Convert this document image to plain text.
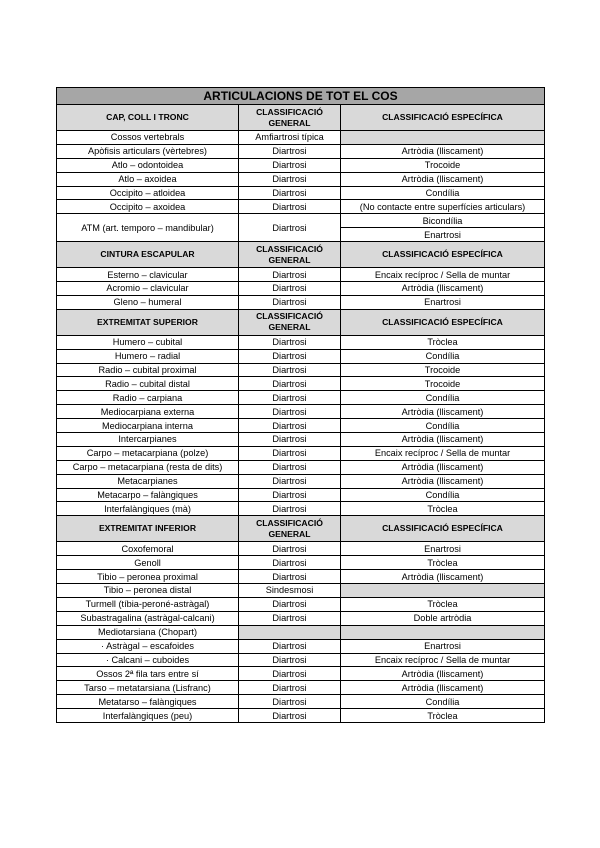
ARTICULACIONS DE TOT EL COS		
CAP, COLL I TRONC	CLASSIFICACIÓ GENERAL	CLASSIFICACIÓ ESPECÍFICA
Cossos vertebrals	Amfiartrosi típica	
Apòfisis articulars (vèrtebres)	Diartrosi	Artròdia (lliscament)
Atlo – odontoidea	Diartrosi	Trocoide
Atlo – axoidea	Diartrosi	Artròdia (lliscament)
Occipito – atloidea	Diartrosi	Condília
Occipito – axoidea	Diartrosi	(No contacte entre superfícies articulars)
ATM (art. temporo – mandibular)	Diartrosi	Bicondília
		Enartrosi
CINTURA ESCAPULAR	CLASSIFICACIÓ GENERAL	CLASSIFICACIÓ ESPECÍFICA
Esterno – clavicular	Diartrosi	Encaix recíproc / Sella de muntar
Acromio – clavicular	Diartrosi	Artròdia (lliscament)
Gleno – humeral	Diartrosi	Enartrosi
EXTREMITAT SUPERIOR	CLASSIFICACIÓ GENERAL	CLASSIFICACIÓ ESPECÍFICA
Humero – cubital	Diartrosi	Tròclea
Humero – radial	Diartrosi	Condília
Radio – cubital proximal	Diartrosi	Trocoide
Radio – cubital distal	Diartrosi	Trocoide
Radio – carpiana	Diartrosi	Condília
Mediocarpiana externa	Diartrosi	Artròdia (lliscament)
Mediocarpiana interna	Diartrosi	Condília
Intercarpianes	Diartrosi	Artròdia (lliscament)
Carpo – metacarpiana (polze)	Diartrosi	Encaix recíproc / Sella de muntar
Carpo – metacarpiana (resta de dits)	Diartrosi	Artròdia (lliscament)
Metacarpianes	Diartrosi	Artròdia (lliscament)
Metacarpo – falàngiques	Diartrosi	Condília
Interfalàngiques (mà)	Diartrosi	Tròclea
EXTREMITAT INFERIOR	CLASSIFICACIÓ GENERAL	CLASSIFICACIÓ ESPECÍFICA
Coxofemoral	Diartrosi	Enartrosi
Genoll	Diartrosi	Tròclea
Tibio – peronea proximal	Diartrosi	Artròdia (lliscament)
Tibio – peronea distal	Sindesmosi	
Turmell (tíbia-peroné-astràgal)	Diartrosi	Tròclea
Subastragalina (astràgal-calcani)	Diartrosi	Doble artròdia
Mediotarsiana (Chopart)		
· Astràgal – escafoides	Diartrosi	Enartrosi
· Calcani – cuboides	Diartrosi	Encaix recíproc / Sella de muntar
Ossos 2ª fila tars entre sí	Diartrosi	Artròdia (lliscament)
Tarso – metatarsiana (Lisfranc)	Diartrosi	Artròdia (lliscament)
Metatarso – falàngiques	Diartrosi	Condília
Interfalàngiques (peu)	Diartrosi	Tròclea
